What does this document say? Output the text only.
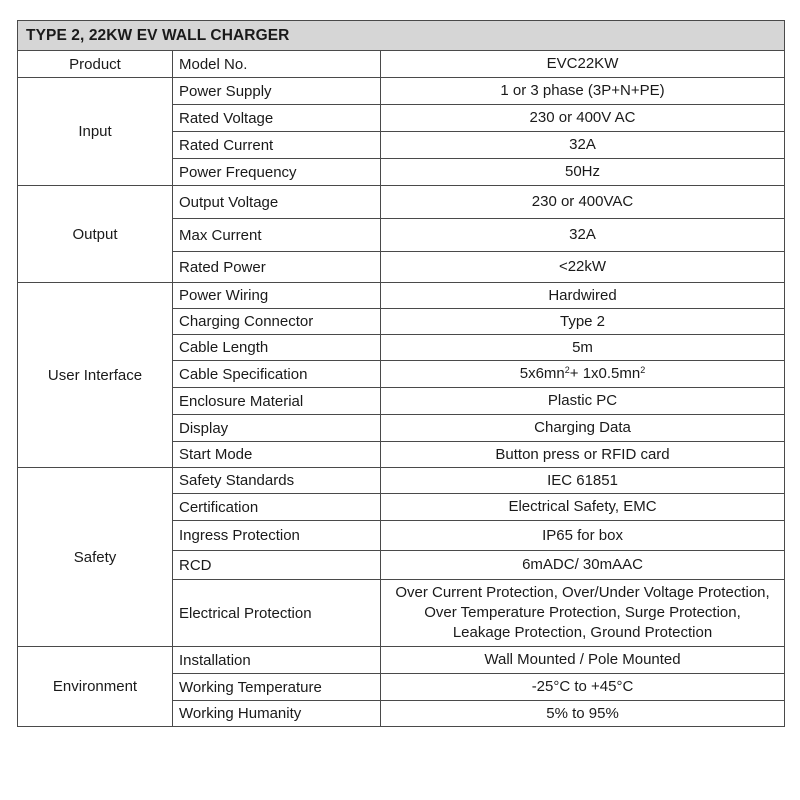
TYPE 2, 22KW EV WALL CHARGER		
Product	Model No.	EVC22KW
Input	Power Supply	1 or 3 phase (3P+N+PE)
	Rated Voltage	230 or 400V AC
	Rated Current	32A
	Power Frequency	50Hz
Output	Output Voltage	230 or 400VAC
	Max Current	32A
	Rated Power	<22kW
User Interface	Power Wiring	Hardwired
	Charging Connector	Type 2
	Cable Length	5m
	Cable Specification	$5x6mn^2+ 1x0.5mn^2$
	Enclosure Material	Plastic PC
	Display	Charging Data
	Start Mode	Button press or RFID card
Safety	Safety Standards	IEC 61851
	Certification	Electrical Safety, EMC
	Ingress Protection	IP65 for box
	RCD	6mADC/ 30mAAC
	Electrical Protection	Over Current Protection, Over/Under Voltage Protection,
Over Temperature Protection, Surge Protection,
Leakage Protection, Ground Protection

Environment	Installation	Wall Mounted / Pole Mounted
	Working Temperature	-25°C to +45°C
	Working Humanity	5% to 95%
